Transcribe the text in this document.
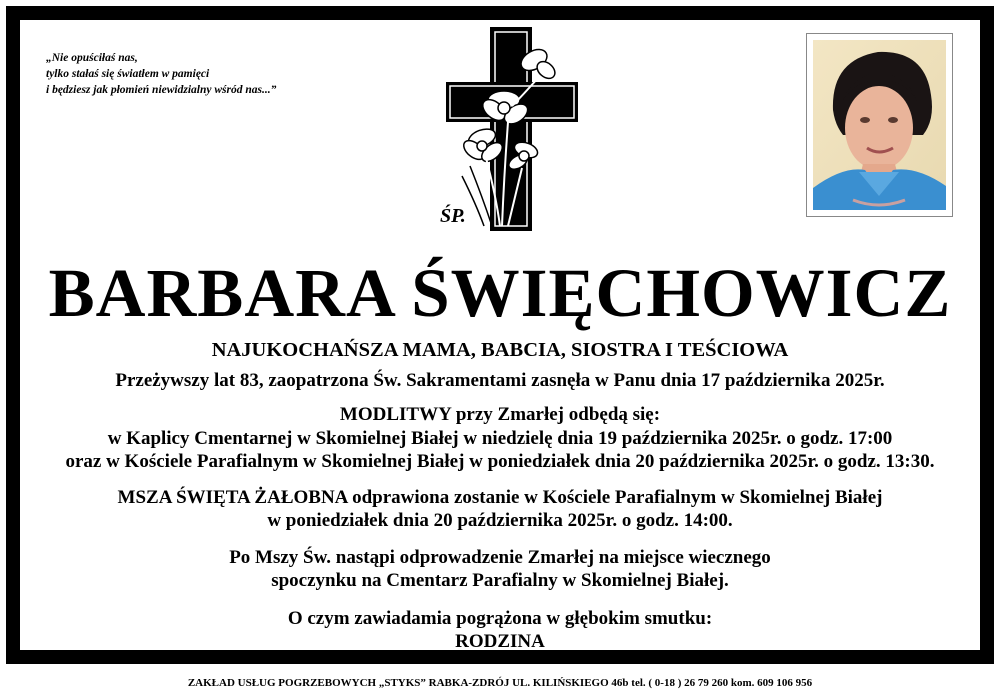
„Nie opuściłaś nas,
tylko stałaś się światłem w pamięci
i będziesz jak płomień niewidzialny wśród nas...”
ŚP.
BARBARA ŚWIĘCHOWICZ
NAJUKOCHAŃSZA MAMA, BABCIA, SIOSTRA I TEŚCIOWA
Przeżywszy lat 83, zaopatrzona Św. Sakramentami zasnęła w Panu dnia 17 października 2025r.
MODLITWY przy Zmarłej odbędą się:
w Kaplicy Cmentarnej w Skomielnej Białej w niedzielę dnia 19 października 2025r. o godz. 17:00
oraz w Kościele Parafialnym w Skomielnej Białej w poniedziałek dnia 20 października 2025r. o godz. 13:30.
MSZA ŚWIĘTA ŻAŁOBNA odprawiona zostanie w Kościele Parafialnym w Skomielnej Białej
w poniedziałek dnia 20 października 2025r. o godz. 14:00.
Po Mszy Św. nastąpi odprowadzenie Zmarłej na miejsce wiecznego
spoczynku na Cmentarz Parafialny w Skomielnej Białej.
O czym zawiadamia pogrążona w głębokim smutku:
RODZINA
ZAKŁAD USŁUG POGRZEBOWYCH „STYKS” RABKA-ZDRÓJ UL. KILIŃSKIEGO 46b tel. ( 0-18 ) 26 79 260 kom. 609 106 956
